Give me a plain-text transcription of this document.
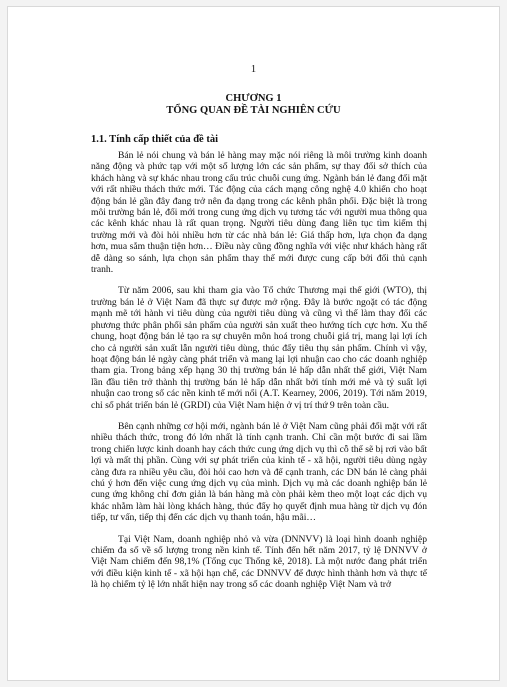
1
CHƯƠNG 1
TỔNG QUAN ĐỀ TÀI NGHIÊN CỨU
1.1. Tính cấp thiết của đề tài

Bán lẻ nói chung và bán lẻ hàng may mặc nói riêng là môi trường kinh doanh năng động và phức tạp với một số lượng lớn các sản phẩm, sự thay đổi sở thích của khách hàng và sự khác nhau trong cấu trúc chuỗi cung ứng. Ngành bán lẻ đang đối mặt với rất nhiều thách thức mới. Tác động của cách mạng công nghệ 4.0 khiến cho hoạt động bán lẻ gần đây đang trở nên đa dạng trong các kênh phân phối. Đặc biệt là trong môi trường bán lẻ, đổi mới trong cung ứng dịch vụ tương tác với người mua thông qua các kênh khác nhau là rất quan trọng. Người tiêu dùng đang liên tục tìm kiếm thị trường mới và đòi hỏi nhiều hơn từ các nhà bán lẻ: Giá thấp hơn, lựa chọn đa dạng hơn, mua sắm thuận tiện hơn… Điều này cũng đồng nghĩa với việc như khách hàng rất dễ dàng so sánh, lựa chọn sản phẩm thay thế mới được cung cấp bởi đối thủ cạnh tranh.

Từ năm 2006, sau khi tham gia vào Tổ chức Thương mại thế giới (WTO), thị trường bán lẻ ở Việt Nam đã thực sự được mở rộng. Đây là bước ngoặt có tác động mạnh mẽ tới hành vi tiêu dùng của người tiêu dùng và cũng vì thế làm thay đổi các phương thức phân phối sản phẩm của người sản xuất theo hướng tích cực hơn. Xu thế chung, hoạt động bán lẻ tạo ra sự chuyên môn hoá trong chuỗi giá trị, mang lại lợi ích cho cả người sản xuất lẫn người tiêu dùng, thúc đẩy tiêu thụ sản phẩm. Chính vì vậy, hoạt động bán lẻ ngày càng phát triển và mang lại lợi nhuận cao cho các doanh nghiệp tham gia. Trong bảng xếp hạng 30 thị trường bán lẻ hấp dẫn nhất thế giới, Việt Nam lần đầu tiên trở thành thị trường bán lẻ hấp dẫn nhất bởi tính mới mẻ và tỷ suất lợi nhuận cao trong số các nền kinh tế mới nổi (A.T. Kearney, 2006, 2019). Tới năm 2019, chỉ số phát triển bán lẻ (GRDI) của Việt Nam hiện ở vị trí thứ 9 trên toàn cầu.

Bên cạnh những cơ hội mới, ngành bán lẻ ở Việt Nam cũng phải đối mặt với rất nhiều thách thức, trong đó lớn nhất là tính cạnh tranh. Chỉ cần một bước đi sai lầm trong chiến lược kinh doanh hay cách thức cung ứng dịch vụ thì cỗ thể sẽ bị rơi vào bất lợi và mất thị phần. Cùng với sự phát triển của kinh tế - xã hội, người tiêu dùng ngày càng đưa ra nhiều yêu cầu, đòi hỏi cao hơn và để cạnh tranh, các DN bán lẻ càng phải chú ý hơn đến việc cung ứng dịch vụ của mình. Dịch vụ mà các doanh nghiệp bán lẻ cung ứng không chỉ đơn giản là bán hàng mà còn phải kèm theo một loạt các dịch vụ khác nhằm làm hài lòng khách hàng, thúc đẩy họ quyết định mua hàng từ dịch vụ đón tiếp, tư vấn, tiếp thị đến các dịch vụ thanh toán, hậu mãi…

Tại Việt Nam, doanh nghiệp nhỏ và vừa (DNNVV) là loại hình doanh nghiệp chiếm đa số về số lượng trong nền kinh tế. Tính đến hết năm 2017, tỷ lệ DNNVV ở Việt Nam chiếm đến 98,1% (Tổng cục Thống kê, 2018). Là một nước đang phát triển với điều kiện kinh tế - xã hội hạn chế, các DNNVV để được hình thành hơn và thực tế là họ chiếm tỷ lệ lớn nhất hiện nay trong số các doanh nghiệp Việt Nam và trở
